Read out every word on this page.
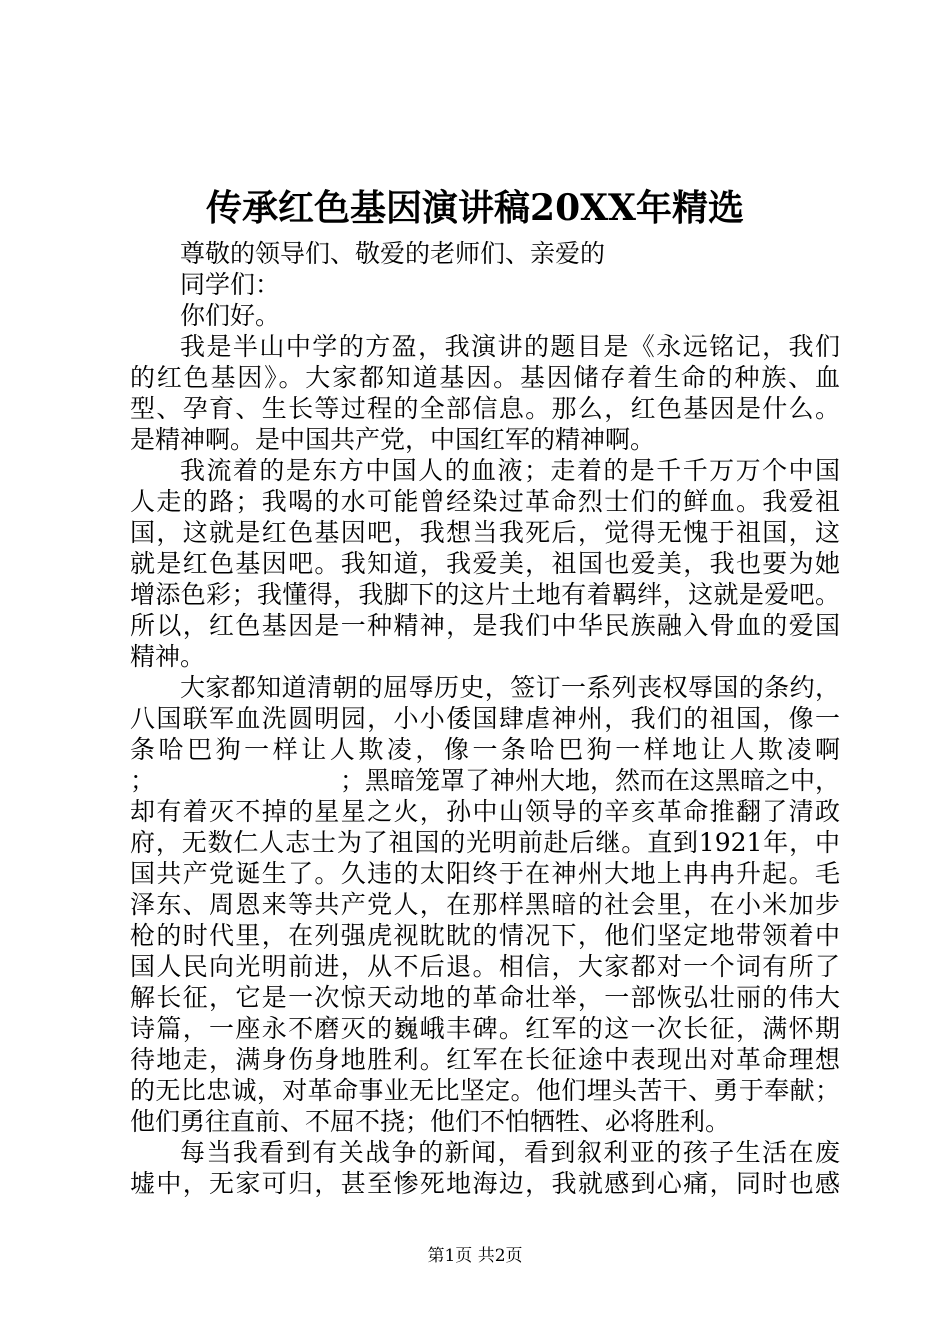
传承红色基因演讲稿20XX年精选
尊敬的领导们、敬爱的老师们、亲爱的
同学们：
你们好。
我是半山中学的方盈，我演讲的题目是《永远铭记，我们
的红色基因》。大家都知道基因。基因储存着生命的种族、血
型、孕育、生长等过程的全部信息。那么，红色基因是什么。
是精神啊。是中国共产党，中国红军的精神啊。
我流着的是东方中国人的血液；走着的是千千万万个中国
人走的路；我喝的水可能曾经染过革命烈士们的鲜血。我爱祖
国，这就是红色基因吧，我想当我死后，觉得无愧于祖国，这
就是红色基因吧。我知道，我爱美，祖国也爱美，我也要为她
增添色彩；我懂得，我脚下的这片土地有着羁绊，这就是爱吧。
所以，红色基因是一种精神，是我们中华民族融入骨血的爱国
精神。
大家都知道清朝的屈辱历史，签订一系列丧权辱国的条约，
八国联军血洗圆明园，小小倭国肆虐神州，我们的祖国，像一
条哈巴狗一样让人欺凌，像一条哈巴狗一样地让人欺凌啊
；	；黑暗笼罩了神州大地，然而在这黑暗之中，
却有着灭不掉的星星之火，孙中山领导的辛亥革命推翻了清政
府，无数仁人志士为了祖国的光明前赴后继。直到1921年，中
国共产党诞生了。久违的太阳终于在神州大地上冉冉升起。毛
泽东、周恩来等共产党人，在那样黑暗的社会里，在小米加步
枪的时代里，在列强虎视眈眈的情况下，他们坚定地带领着中
国人民向光明前进，从不后退。相信，大家都对一个词有所了
解长征，它是一次惊天动地的革命壮举，一部恢弘壮丽的伟大
诗篇，一座永不磨灭的巍峨丰碑。红军的这一次长征，满怀期
待地走，满身伤身地胜利。红军在长征途中表现出对革命理想
的无比忠诚，对革命事业无比坚定。他们埋头苦干、勇于奉献；
他们勇往直前、不屈不挠；他们不怕牺牲、必将胜利。
每当我看到有关战争的新闻，看到叙利亚的孩子生活在废
墟中，无家可归，甚至惨死地海边，我就感到心痛，同时也感
第1页 共2页
